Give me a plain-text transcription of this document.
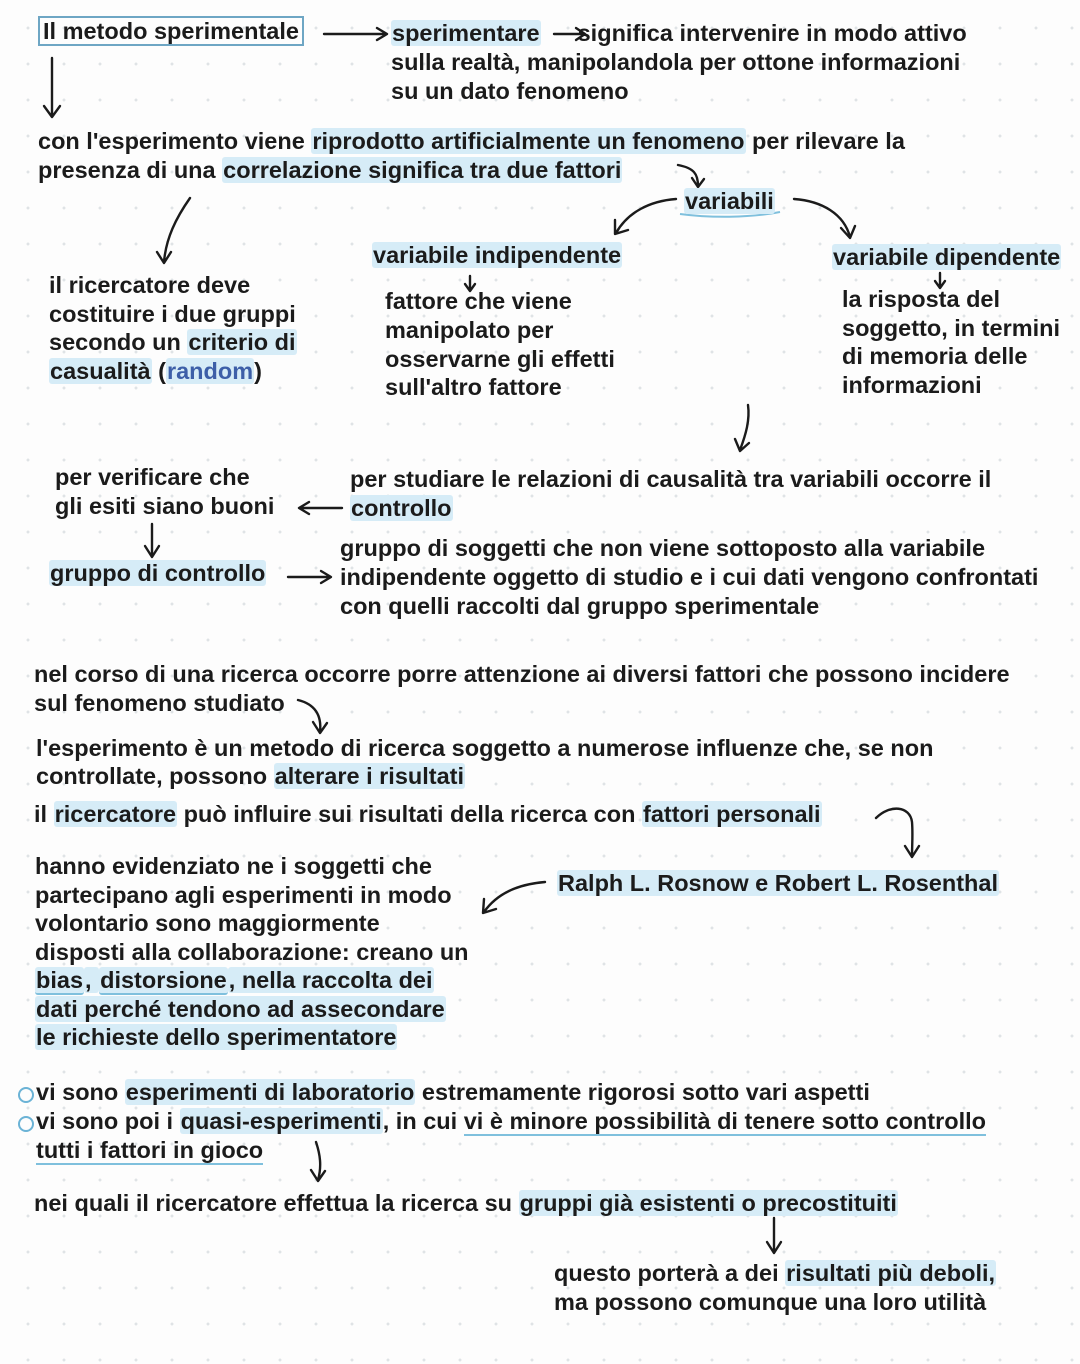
Il metodo sperimentale	sperimentare significa intervenire in modo attivo
sulla realtà, manipolandola per ottone informazioni
su un dato fenomeno
con l'esperimento viene riprodotto artificialmente un fenomeno per rilevare la
presenza di una correlazione significa tra due fattori
variabili
variabile indipendente
fattore che viene
manipolato per
osservarne gli effetti
sull'altro fattore
variabile dipendente
la risposta del
soggetto, in termini
di memoria delle
informazioni
il ricercatore deve
costituire i due gruppi
secondo un criterio di
casualità (random)
per studiare le relazioni di causalità tra variabili occorre il
controllo
per verificare che
gli esiti siano buoni
gruppo di controllo
gruppo di soggetti che non viene sottoposto alla variabile
indipendente oggetto di studio e i cui dati vengono confrontati
con quelli raccolti dal gruppo sperimentale
nel corso di una ricerca occorre porre attenzione ai diversi fattori che possono incidere
sul fenomeno studiato
l'esperimento è un metodo di ricerca soggetto a numerose influenze che, se non
controllate, possono alterare i risultati
il ricercatore può influire sui risultati della ricerca con fattori personali
Ralph L. Rosnow e Robert L. Rosenthal
hanno evidenziato ne i soggetti che
partecipano agli esperimenti in modo
volontario sono maggiormente
disposti alla collaborazione: creano un
bias, distorsione, nella raccolta dei
dati perché tendono ad assecondare
le richieste dello sperimentatore
vi sono esperimenti di laboratorio estremamente rigorosi sotto vari aspetti
vi sono poi i quasi-esperimenti, in cui vi è minore possibilità di tenere sotto controllo
tutti i fattori in gioco
nei quali il ricercatore effettua la ricerca su gruppi già esistenti o precostituiti
questo porterà a dei risultati più deboli,
ma possono comunque una loro utilità
